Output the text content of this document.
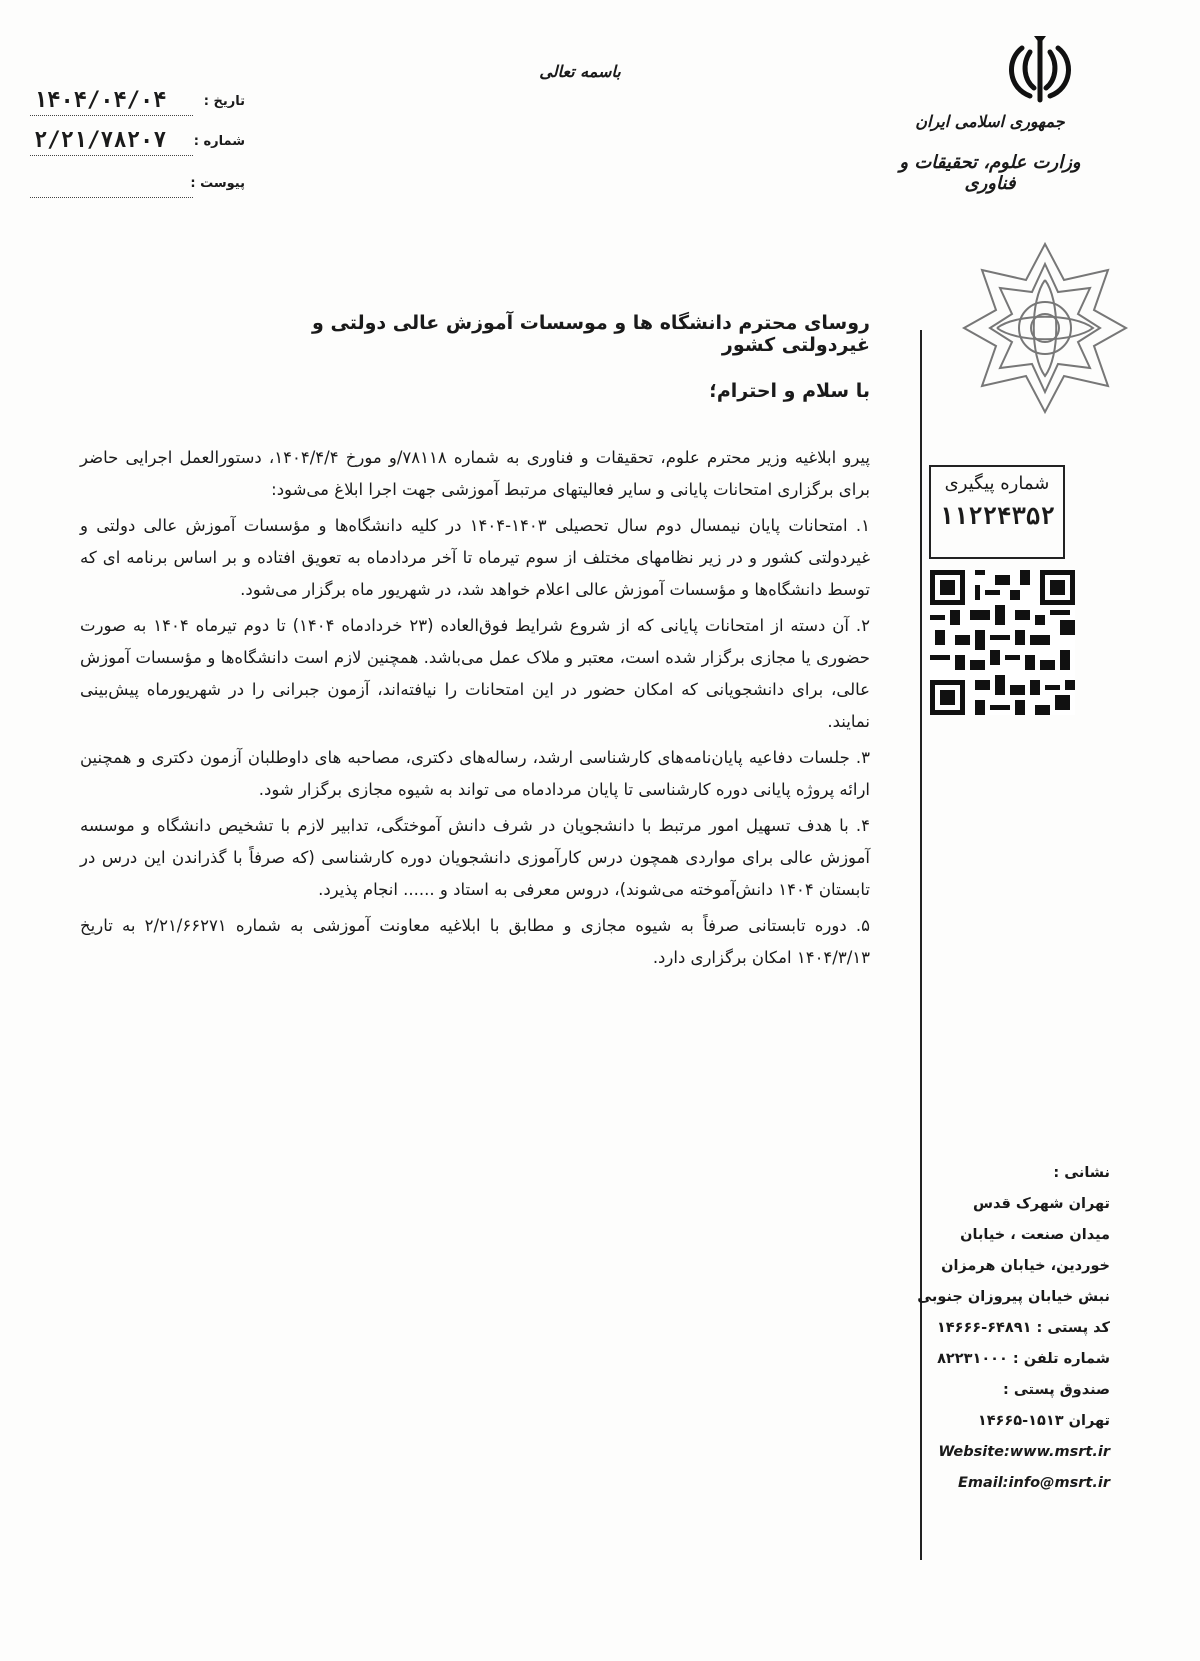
جمهوری اسلامی ایران
وزارت علوم، تحقیقات و فناوری
باسمه تعالی
تاریخ :
۱۴۰۴/۰۴/۰۴
شماره :
۲/۲۱/۷۸۲۰۷
پیوست :
روسای محترم دانشگاه ها و موسسات آموزش عالی دولتی و غیردولتی کشور
با سلام و احترام؛

پیرو ابلاغیه وزیر محترم علوم، تحقیقات و فناوری به شماره ۷۸۱۱۸/و مورخ ۱۴۰۴/۴/۴، دستورالعمل اجرایی حاضر برای برگزاری امتحانات پایانی و سایر فعالیتهای مرتبط آموزشی جهت اجرا ابلاغ می‌شود:

۱. امتحانات پایان نیمسال دوم سال تحصیلی ۱۴۰۳-۱۴۰۴ در کلیه دانشگاه‌ها و مؤسسات آموزش عالی دولتی و غیردولتی کشور و در زیر نظامهای مختلف از سوم تیرماه تا آخر مردادماه به تعویق افتاده و بر اساس برنامه ای که توسط دانشگاه‌ها و مؤسسات آموزش عالی اعلام خواهد شد، در شهریور ماه برگزار می‌شود.

۲. آن دسته از امتحانات پایانی که از شروع شرایط فوق‌العاده (۲۳ خردادماه ۱۴۰۴) تا دوم تیرماه ۱۴۰۴ به صورت حضوری یا مجازی برگزار شده است، معتبر و ملاک عمل می‌باشد. همچنین لازم است دانشگاه‌ها و مؤسسات آموزش عالی، برای دانشجویانی که امکان حضور در این امتحانات را نیافته‌اند، آزمون جبرانی را در شهریورماه پیش‌بینی نمایند.

۳. جلسات دفاعیه پایان‌نامه‌های کارشناسی ارشد، رساله‌های دکتری، مصاحبه های داوطلبان آزمون دکتری و همچنین ارائه پروژه پایانی دوره کارشناسی تا پایان مردادماه می تواند به شیوه مجازی برگزار شود.

۴. با هدف تسهیل امور مرتبط با دانشجویان در شرف دانش آموختگی، تدابیر لازم با تشخیص دانشگاه و موسسه آموزش عالی برای مواردی همچون درس کارآموزی دانشجویان دوره کارشناسی (که صرفاً با گذراندن این درس در تابستان ۱۴۰۴ دانش‌آموخته می‌شوند)، دروس معرفی به استاد و ...... انجام پذیرد.

۵. دوره تابستانی صرفاً به شیوه مجازی و مطابق با ابلاغیه معاونت آموزشی به شماره ۲/۲۱/۶۶۲۷۱ به تاریخ ۱۴۰۴/۳/۱۳ امکان برگزاری دارد.

شماره پیگیری
۱۱۲۲۴۳۵۲
نشانی :
تهران شهرک قدس
میدان صنعت ، خیابان
خوردین، خیابان هرمزان
نبش خیابان پیروزان جنوبی
کد پستی : ۶۴۸۹۱-۱۴۶۶۶
شماره تلفن : ۸۲۲۳۱۰۰۰
صندوق پستی :
تهران ۱۵۱۳-۱۴۶۶۵
Website:www.msrt.ir
Email:info@msrt.ir
